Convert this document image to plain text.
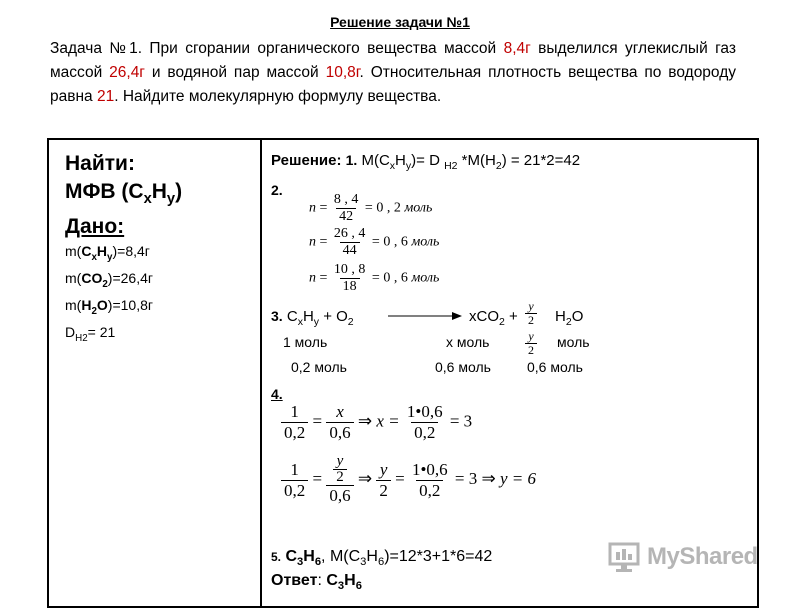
Решение задачи №1
Задача №1. При сгорании органического вещества массой 8,4г выделился углекислый газ массой 26,4г и водяной пар массой 10,8г. Относительная плотность вещества по водороду равна 21. Найдите молекулярную формулу вещества.
Найти:
МФВ $(C_xH_y)$
Дано:
$m(C_xH_y)=8,4г$
$m(CO_2)=26,4г$
$m(H_2O)=10,8г$
$D_{H2}= 21$
Решение: 1. $M(C_xH_y)= D$ $_{H2}$ $*M(H_2) = 21*2=42$
2.
$n = \frac{8 , 4}{42} = 0$ , 2 моль
$n = \frac{26 , 4}{44} = 0$ , 6 моль
$n = \frac{10 , 8}{18} = 0$ , 6 моль
3. $C_xH_y + O_2$	$xCO_2 + \frac{y}{2} H_2O$
1 моль	x моль	$\frac{y}{2}$ моль
0,2 моль	0,6 моль	0,6 моль
4.
$\frac{1}{0,2} = \frac{x}{0,6}$ ⇒ $x = \frac{1•0,6}{0,2} = 3$
$\frac{1}{0,2} = \frac{\frac{y}{2}}{0,6}$ ⇒ $\frac{y}{2} = \frac{1•0,6}{0,2} = 3$ ⇒ y = 6
5. $C_3H_6$, $M(C_3H_6)=12*3+1*6=42$
Ответ: $C_3H_6$
MyShared
